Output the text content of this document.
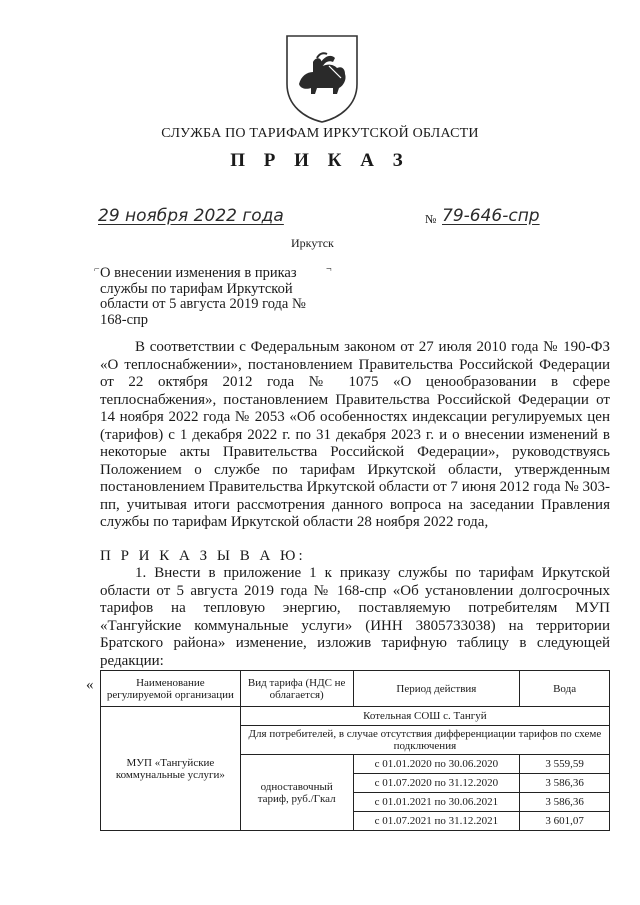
СЛУЖБА ПО ТАРИФАМ ИРКУТСКОЙ ОБЛАСТИ
П Р И К А З
29 ноября 2022 года	№ 79-646-спр
Иркутск
⌐	¬
О внесении изменения в приказ службы по тарифам Иркутской области от 5 августа 2019 года № 168-спр
В соответствии с Федеральным законом от 27 июля 2010 года № 190-ФЗ «О теплоснабжении», постановлением Правительства Российской Федерации от 22 октября 2012 года № 1075 «О ценообразовании в сфере теплоснабжения», постановлением Правительства Российской Федерации от 14 ноября 2022 года № 2053 «Об особенностях индексации регулируемых цен (тарифов) с 1 декабря 2022 г. по 31 декабря 2023 г. и о внесении изменений в некоторые акты Правительства Российской Федерации», руководствуясь Положением о службе по тарифам Иркутской области, утвержденным постановлением Правительства Иркутской области от 7 июня 2012 года № 303-пп, учитывая итоги рассмотрения данного вопроса на заседании Правления службы по тарифам Иркутской области 28 ноября 2022 года,
П Р И К А З Ы В А Ю:
1. Внести в приложение 1 к приказу службы по тарифам Иркутской области от 5 августа 2019 года № 168-спр «Об установлении долгосрочных тарифов на тепловую энергию, поставляемую потребителям МУП «Тангуйские коммунальные услуги» (ИНН 3805733038) на территории Братского района» изменение, изложив тарифную таблицу в следующей редакции:
«	Наименование регулируемой организации	Вид тарифа (НДС не облагается)	Период действия	Вода
МУП «Тангуйские коммунальные услуги»	Котельная СОШ с. Тангуй		
	Для потребителей, в случае отсутствия дифференциации тарифов по схеме подключения		
	одноставочный тариф, руб./Гкал	с 01.01.2020 по 30.06.2020	3 559,59
		с 01.07.2020 по 31.12.2020	3 586,36
		с 01.01.2021 по 30.06.2021	3 586,36
		с 01.07.2021 по 31.12.2021	3 601,07
